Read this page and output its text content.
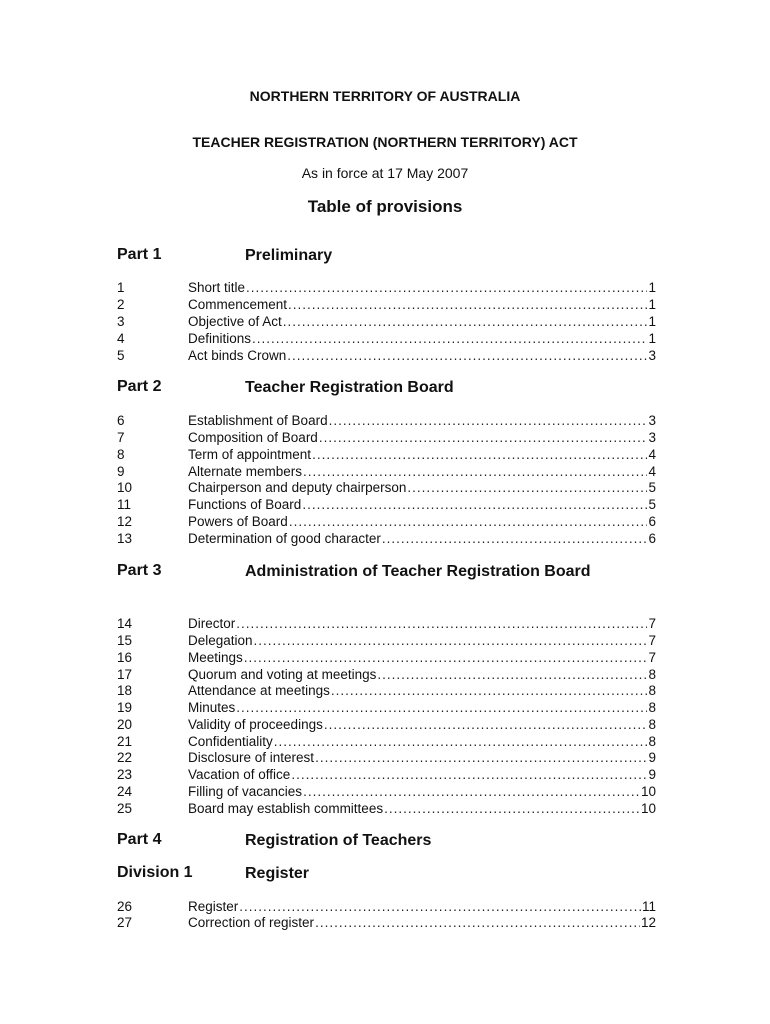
NORTHERN TERRITORY OF AUSTRALIA
TEACHER REGISTRATION (NORTHERN TERRITORY) ACT
As in force at 17 May 2007
Table of provisions
Part 1	Preliminary
1	Short title .....	1
2	Commencement .....	1
3	Objective of Act .....	1
4	Definitions .....	1
5	Act binds Crown .....	3
Part 2	Teacher Registration Board
6	Establishment of Board .....	3
7	Composition of Board .....	3
8	Term of appointment .....	4
9	Alternate members .....	4
10	Chairperson and deputy chairperson .....	5
11	Functions of Board .....	5
12	Powers of Board .....	6
13	Determination of good character .....	6
Part 3	Administration of Teacher Registration Board
14	Director .....	7
15	Delegation .....	7
16	Meetings .....	7
17	Quorum and voting at meetings .....	8
18	Attendance at meetings .....	8
19	Minutes .....	8
20	Validity of proceedings .....	8
21	Confidentiality .....	8
22	Disclosure of interest .....	9
23	Vacation of office .....	9
24	Filling of vacancies .....	10
25	Board may establish committees .....	10
Part 4	Registration of Teachers
Division 1	Register
26	Register .....	11
27	Correction of register .....	12
